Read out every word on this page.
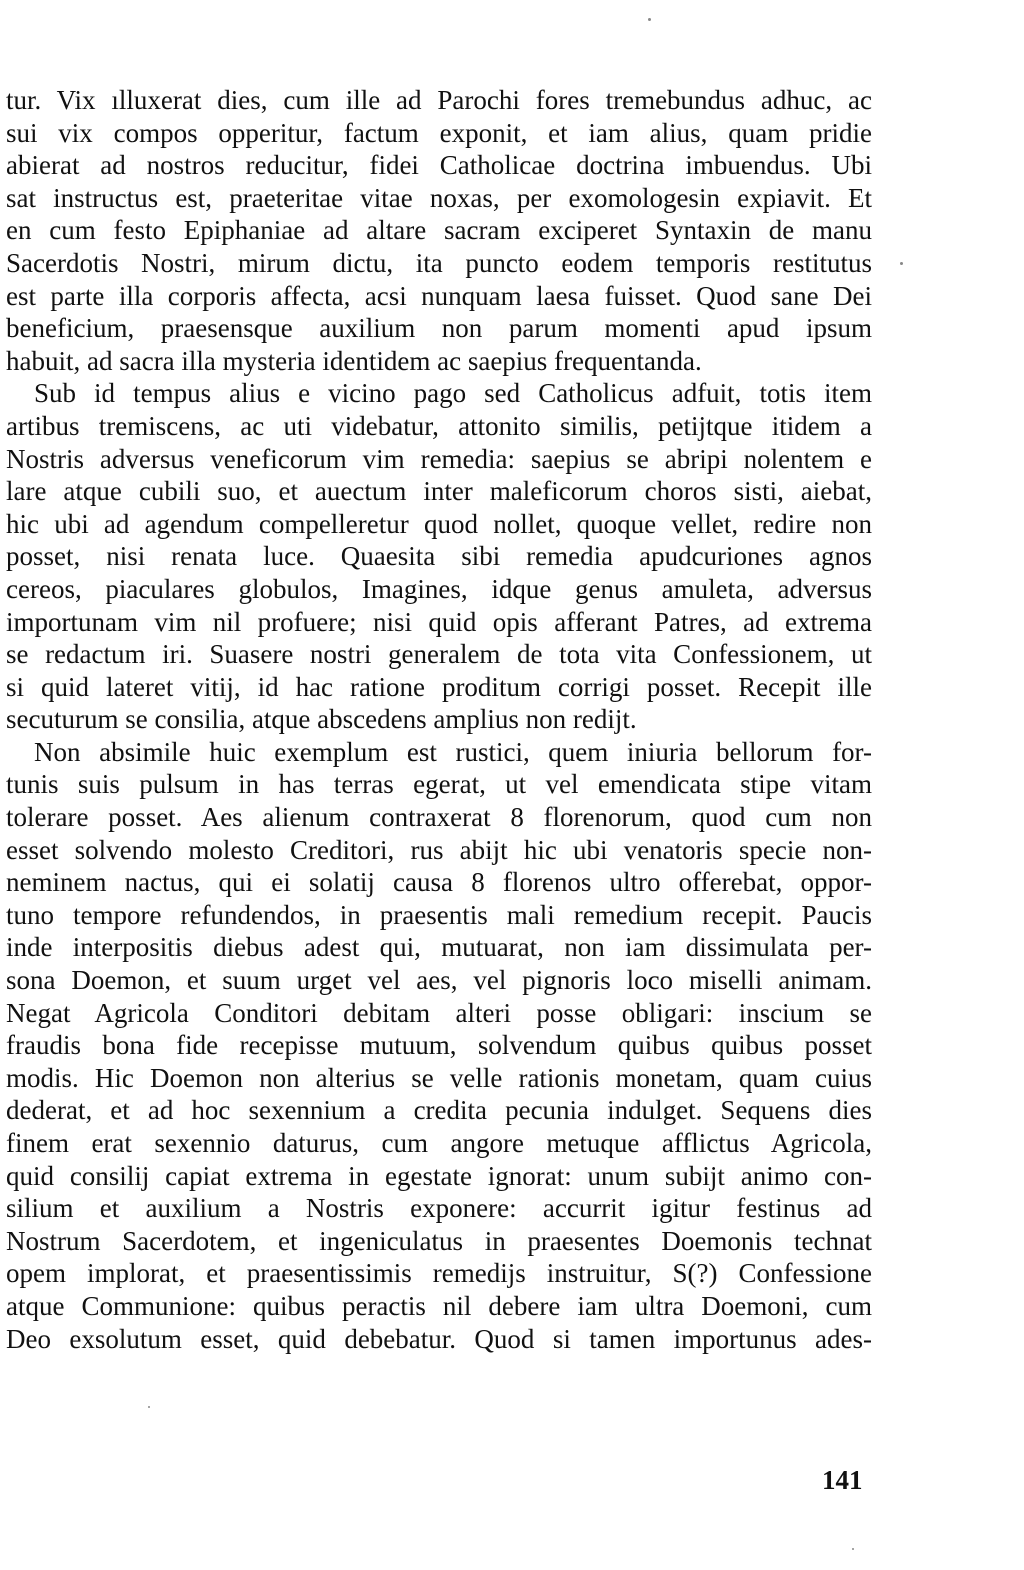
tur. Vix ıl͏luxerat dies, cum ille ad Parochi fores tremebundus adhuc, ac
sui vix compos opperitur, factum exponit, et iam alius, quam pridie
abierat ad nostros reducitur, fidei Catholicae doctrina imbuendus. Ubi
sat instructus est, praeteritae vitae noxas, per exomologesin expiavit. Et
en cum festo Epiphaniae ad altare sacram exciperet Syntaxin de manu
Sacerdotis Nostri, mirum dictu, ita puncto eodem temporis restitutus
est parte illa corporis affecta, acsi nunquam laesa fuisset. Quod sane Dei
beneficium, praesensque auxilium non parum momenti apud ipsum
habuit, ad sacra illa mysteria identidem ac saepius frequentanda.
Sub id tempus alius e vicino pago sed Catholicus adfuit, totis item
artibus tremiscens, ac uti videbatur, attonito similis, petijtque itidem a
Nostris adversus veneficorum vim remedia: saepius se abripi nolentem e
lare atque cubili suo, et auectum inter maleficorum choros sisti, aiebat,
hic ubi ad agendum compelleretur quod nollet, quoque vellet, redire non
posset, nisi renata luce. Quaesita sibi remedia apudcuriones agnos
cereos, piaculares globulos, Imagines, idque genus amuleta, adversus
importunam vim nil profuere; nisi quid opis afferant Patres, ad extrema
se redactum iri. Suasere nostri generalem de tota vita Confessionem, ut
si quid lateret vitij, id hac ratione proditum corrigi posset. Recepit ille
secuturum se consilia, atque abscedens amplius non redijt.
Non absimile huic exemplum est rustici, quem iniuria bellorum for-
tunis suis pulsum in has terras egerat, ut vel emendicata stipe vitam
tolerare posset. Aes alienum contraxerat 8 florenorum, quod cum non
esset solvendo molesto Creditori, rus abijt hic ubi venatoris specie non-
neminem nactus, qui ei solatij causa 8 florenos ultro offerebat, oppor-
tuno tempore refundendos, in praesentis mali remedium recepit. Paucis
inde interpositis diebus adest qui, mutuarat, non iam dissimulata per-
sona Doemon, et suum urget vel aes, vel pignoris loco miselli animam.
Negat Agricola Conditori debitam alteri posse obligari: inscium se
fraudis bona fide recepisse mutuum, solvendum quibus quibus posset
modis. Hic Doemon non alterius se velle rationis monetam, quam cuius
dederat, et ad hoc sexennium a credita pecunia indulget. Sequens dies
finem erat sexennio daturus, cum angore metuque afflictus Agricola,
quid consilij capiat extrema in egestate ignorat: unum subijt animo con-
silium et auxilium a Nostris exponere: accurrit igitur festinus ad
Nostrum Sacerdotem, et ingeniculatus in praesentes Doemonis technat
opem implorat, et praesentissimis remedijs instruitur, S(?) Confessione
atque Communione: quibus peractis nil debere iam ultra Doemoni, cum
Deo exsolutum esset, quid debebatur. Quod si tamen importunus ades-
141
